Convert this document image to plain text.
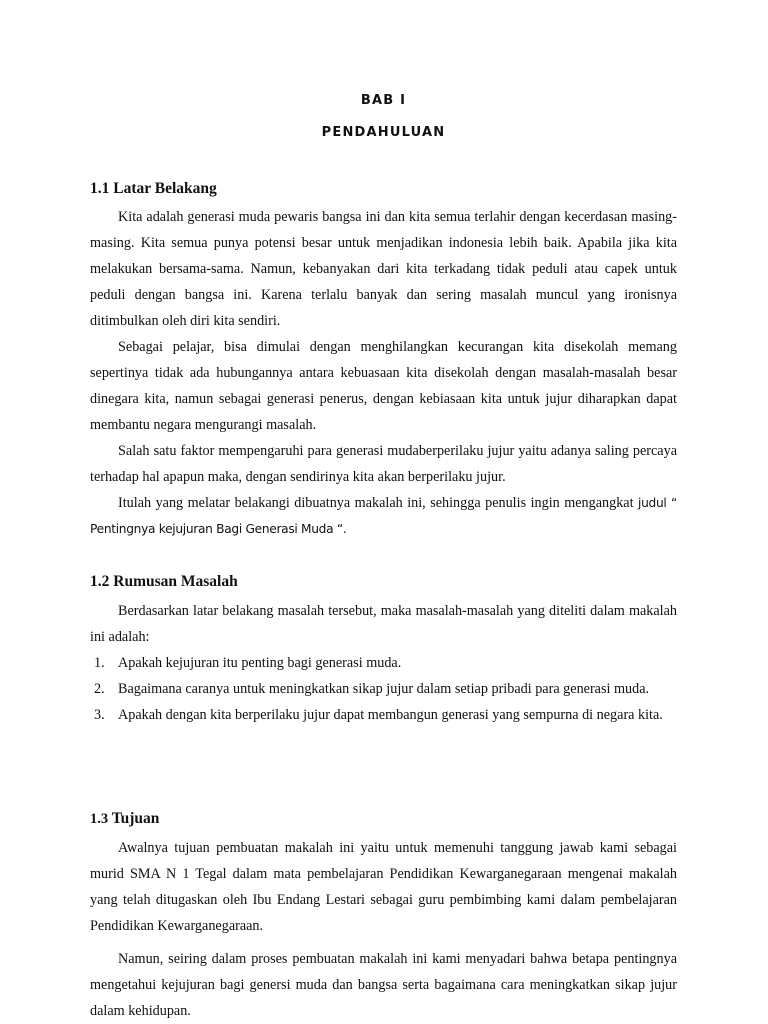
BAB I
PENDAHULUAN
1.1 Latar Belakang

Kita adalah generasi muda pewaris bangsa ini dan kita semua terlahir dengan kecerdasan masing-masing. Kita semua punya potensi besar untuk menjadikan indonesia lebih baik. Apabila jika kita melakukan bersama-sama. Namun, kebanyakan dari kita terkadang tidak peduli atau capek untuk peduli dengan bangsa ini. Karena terlalu banyak dan sering masalah muncul yang ironisnya ditimbulkan oleh diri kita sendiri.

Sebagai pelajar, bisa dimulai dengan menghilangkan kecurangan kita disekolah memang sepertinya tidak ada hubungannya antara kebuasaan kita disekolah dengan masalah-masalah besar dinegara kita, namun sebagai generasi penerus, dengan kebiasaan kita untuk jujur diharapkan dapat membantu negara mengurangi masalah.

Salah satu faktor mempengaruhi para generasi mudaberperilaku jujur yaitu adanya saling percaya terhadap hal apapun maka, dengan sendirinya kita akan berperilaku jujur.

Itulah yang melatar belakangi dibuatnya makalah ini, sehingga penulis ingin mengangkat judul “ Pentingnya kejujuran Bagi Generasi Muda “.

1.2 Rumusan Masalah

Berdasarkan latar belakang masalah tersebut, maka masalah-masalah yang diteliti dalam makalah ini adalah:

1. Apakah kejujuran itu penting bagi generasi muda.
2. Bagaimana caranya untuk meningkatkan sikap jujur dalam setiap pribadi para generasi muda.
3. Apakah dengan kita berperilaku jujur dapat membangun generasi yang sempurna di negara kita.
1.3 Tujuan

Awalnya tujuan pembuatan makalah ini yaitu untuk memenuhi tanggung jawab kami sebagai murid SMA N 1 Tegal dalam mata pembelajaran Pendidikan Kewarganegaraan mengenai makalah yang telah ditugaskan oleh Ibu Endang Lestari sebagai guru pembimbing kami dalam pembelajaran Pendidikan Kewarganegaraan.

Namun, seiring dalam proses pembuatan makalah ini kami menyadari bahwa betapa pentingnya mengetahui kejujuran bagi genersi muda dan bangsa serta bagaimana cara meningkatkan sikap jujur dalam kehidupan.
